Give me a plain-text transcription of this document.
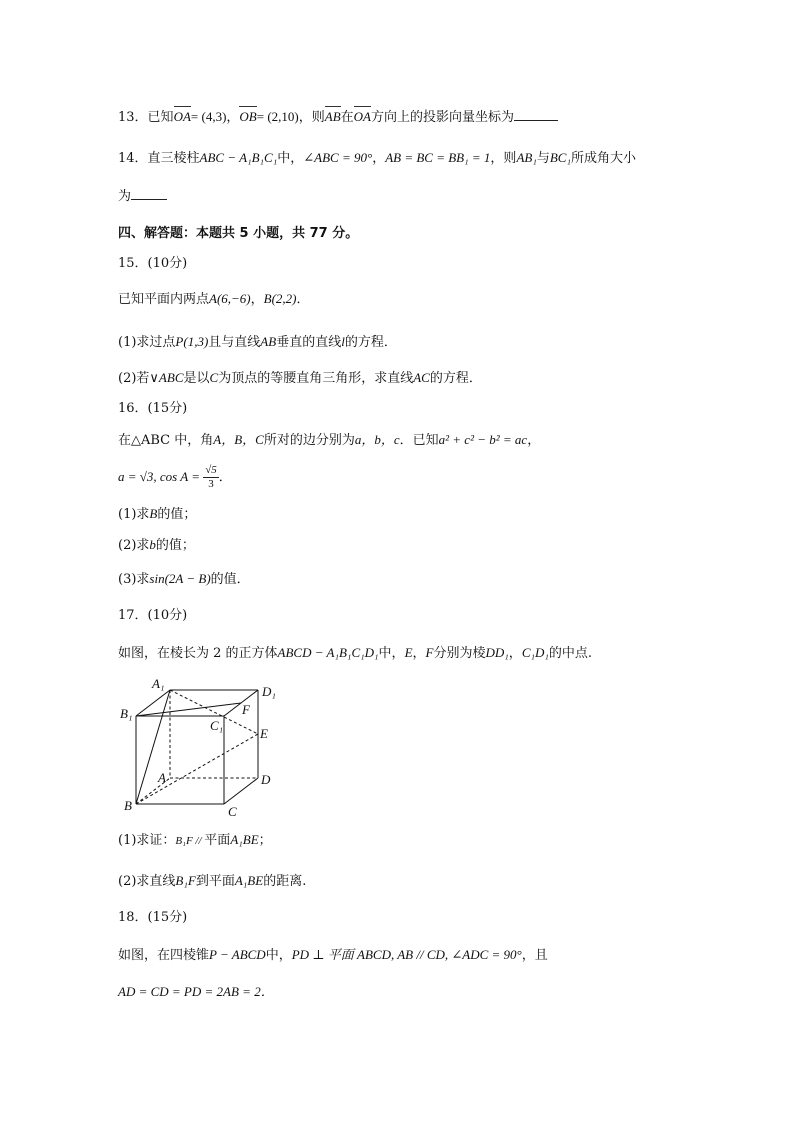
13．已知OA= (4,3)，OB= (2,10)，则AB在OA方向上的投影向量坐标为
14．直三棱柱ABC − A₁B₁C₁中，∠ABC = 90°，AB = BC = BB₁ = 1，则AB₁与BC₁所成角大小
为
四、解答题：本题共 5 小题，共 77 分。
15．(10分)
已知平面内两点A(6,−6)，B(2,2)．
(1)求过点P(1,3)且与直线AB垂直的直线l的方程．
(2)若∨ABC是以C为顶点的等腰直角三角形，求直线AC的方程．
16．(15分)
在△ABC 中，角A，B，C所对的边分别为a，b，c．已知a² + c² − b² = ac，
a = √3, $\cos A = \frac{√5}{3}$ ．
(1)求B的值；
(2)求b的值；
(3)求sin(2A − B)的值．
17．(10分)
如图，在棱长为 2 的正方体ABCD − A₁B₁C₁D₁中，E，F分别为棱DD₁，C₁D₁的中点.
A₁
D₁
B₁	F
C₁
E
A	D
B	C
(1)求证：B₁F // 平面A₁BE；
(2)求直线B₁F到平面A₁BE的距离.
18．(15分)
如图，在四棱锥P − ABCD中，PD ⊥ 平面 ABCD, AB // CD, ∠ADC = 90°，且
AD = CD = PD = 2AB = 2．
